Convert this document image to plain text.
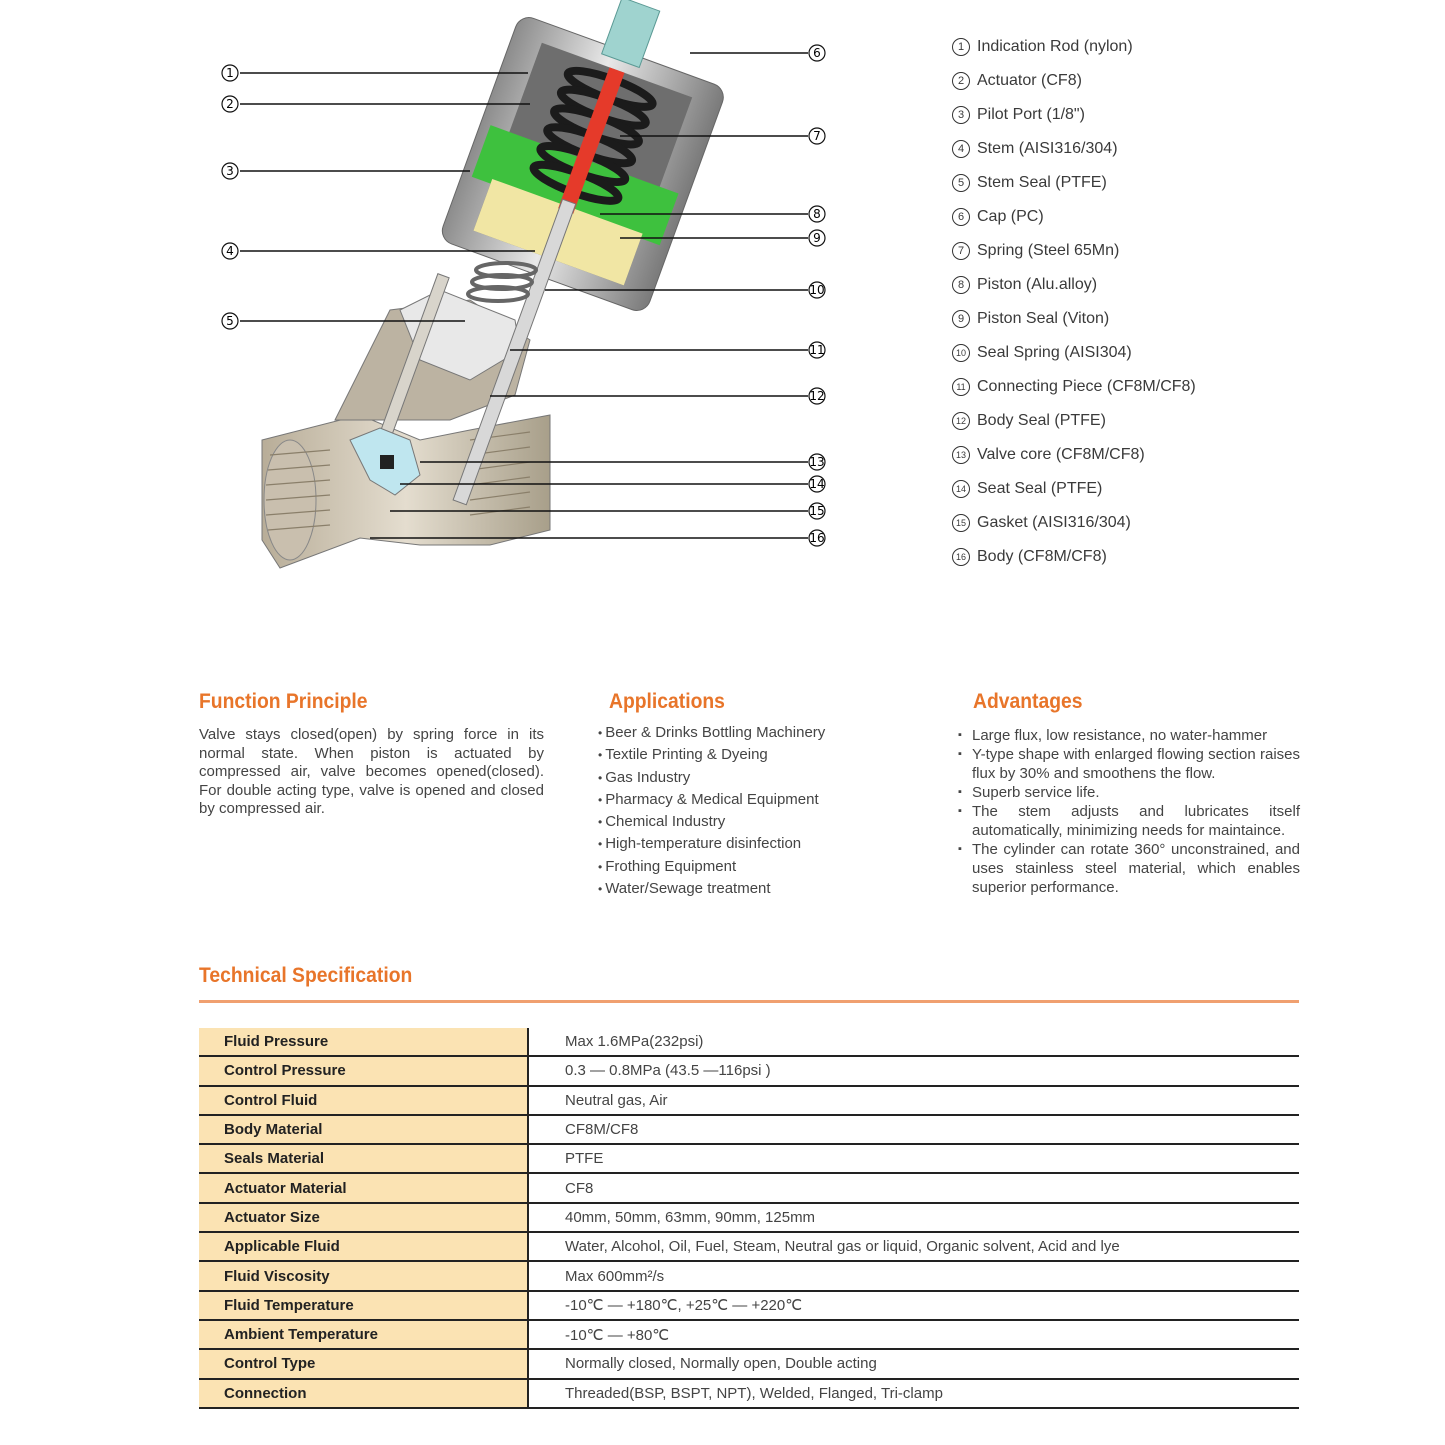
1
2
3
4
5
6
7
8
9
10
11
12
13
14
15
16
1 Indication Rod (nylon)
2 Actuator (CF8)
3 Pilot Port (1/8")
4 Stem (AISI316/304)
5 Stem Seal (PTFE)
6 Cap (PC)
7 Spring (Steel 65Mn)
8 Piston (Alu.alloy)
9 Piston Seal (Viton)
10 Seal Spring (AISI304)
11 Connecting Piece (CF8M/CF8)
12 Body Seal (PTFE)
13 Valve core (CF8M/CF8)
14 Seat Seal (PTFE)
15 Gasket (AISI316/304)
16 Body (CF8M/CF8)
Function Principle

Valve stays closed(open) by spring force in its normal state. When piston is actuated by compressed air, valve becomes opened(closed). For double acting type, valve is opened and closed by compressed air.

Applications
• Beer & Drinks Bottling Machinery
• Textile Printing & Dyeing
• Gas Industry
• Pharmacy & Medical Equipment
• Chemical Industry
• High-temperature disinfection
• Frothing Equipment
• Water/Sewage treatment
Advantages
▪ Large flux, low resistance, no water-hammer
▪ Y-type shape with enlarged flowing section raises flux by 30% and smoothens the flow.
▪ Superb service life.
▪ The stem adjusts and lubricates itself automatically, minimizing needs for maintaince.
▪ The cylinder can rotate 360° unconstrained, and uses stainless steel material, which enables superior performance.
Technical Specification
Fluid Pressure	Max 1.6MPa(232psi)
Control Pressure	0.3 — 0.8MPa (43.5 —116psi )
Control Fluid	Neutral gas, Air
Body Material	CF8M/CF8
Seals Material	PTFE
Actuator Material	CF8
Actuator Size	40mm, 50mm, 63mm, 90mm, 125mm
Applicable Fluid	Water, Alcohol, Oil, Fuel, Steam, Neutral gas or liquid, Organic solvent, Acid and lye
Fluid Viscosity	Max 600mm²/s
Fluid Temperature	-10℃ — +180℃, +25℃ — +220℃
Ambient Temperature	-10℃ — +80℃
Control Type	Normally closed, Normally open, Double acting
Connection	Threaded(BSP, BSPT, NPT), Welded, Flanged, Tri-clamp
